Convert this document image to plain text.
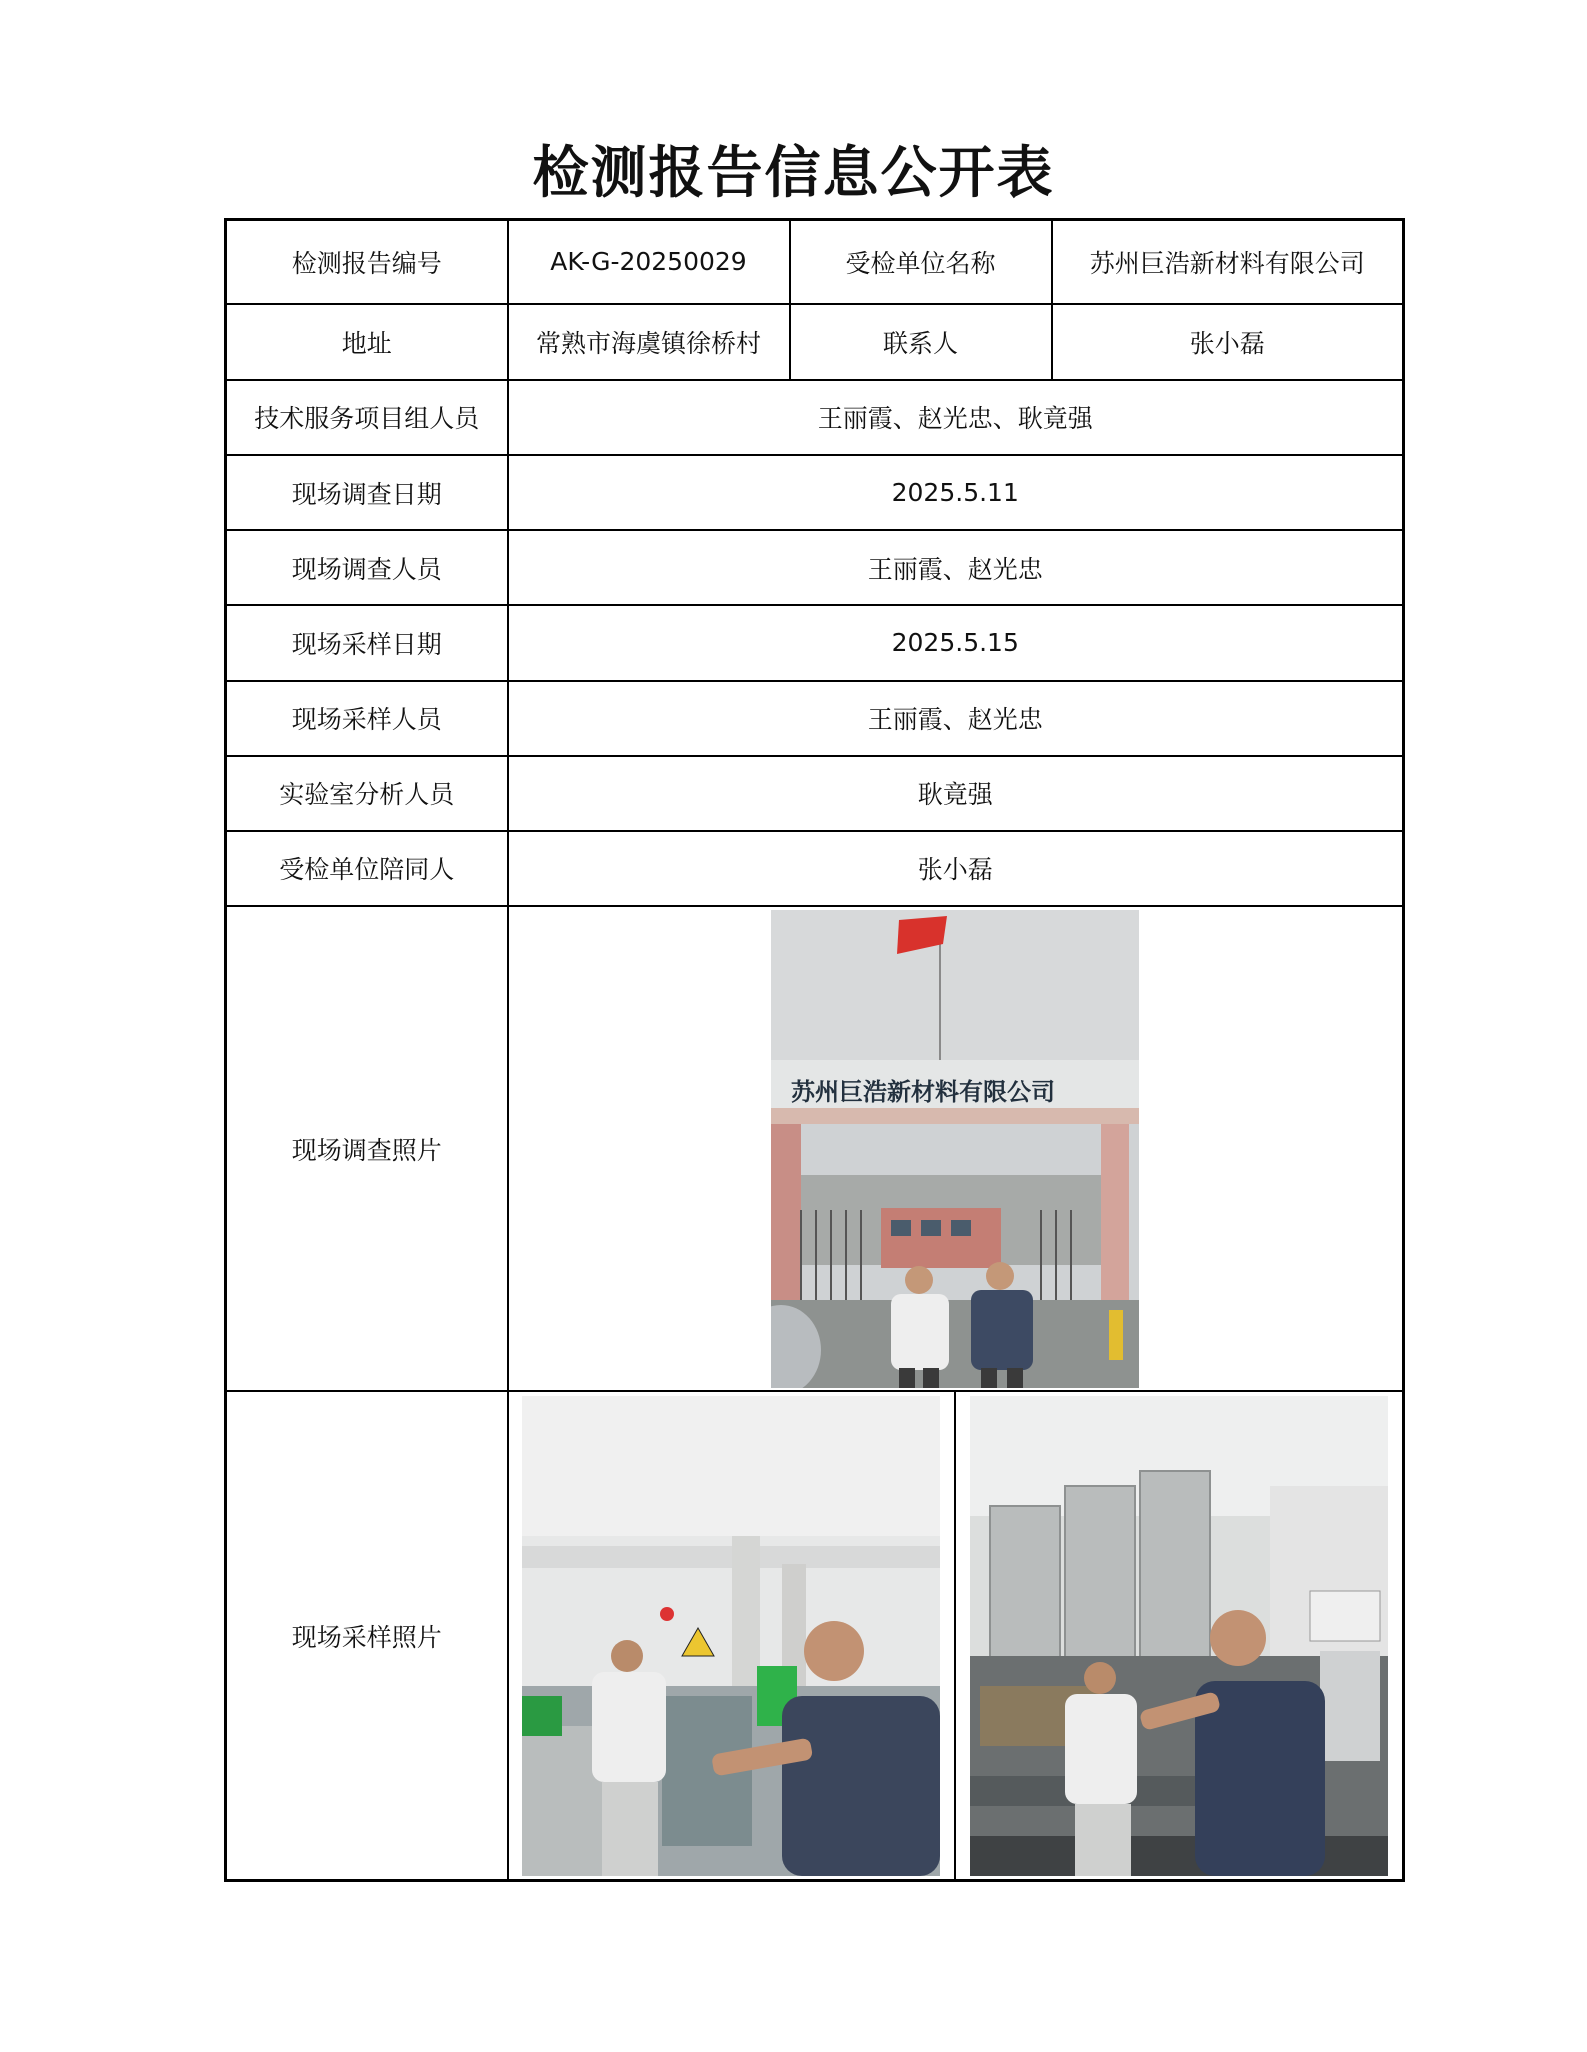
检测报告信息公开表
检测报告编号	AK-G-20250029	受检单位名称	苏州巨浩新材料有限公司
地址	常熟市海虞镇徐桥村	联系人	张小磊
技术服务项目组人员	王丽霞、赵光忠、耿竟强		
现场调查日期	2025.5.11		
现场调查人员	王丽霞、赵光忠		
现场采样日期	2025.5.15		
现场采样人员	王丽霞、赵光忠		
实验室分析人员	耿竟强		
受检单位陪同人	张小磊		
现场调查照片	苏州巨浩新材料有限公司		

现场采样照片	
